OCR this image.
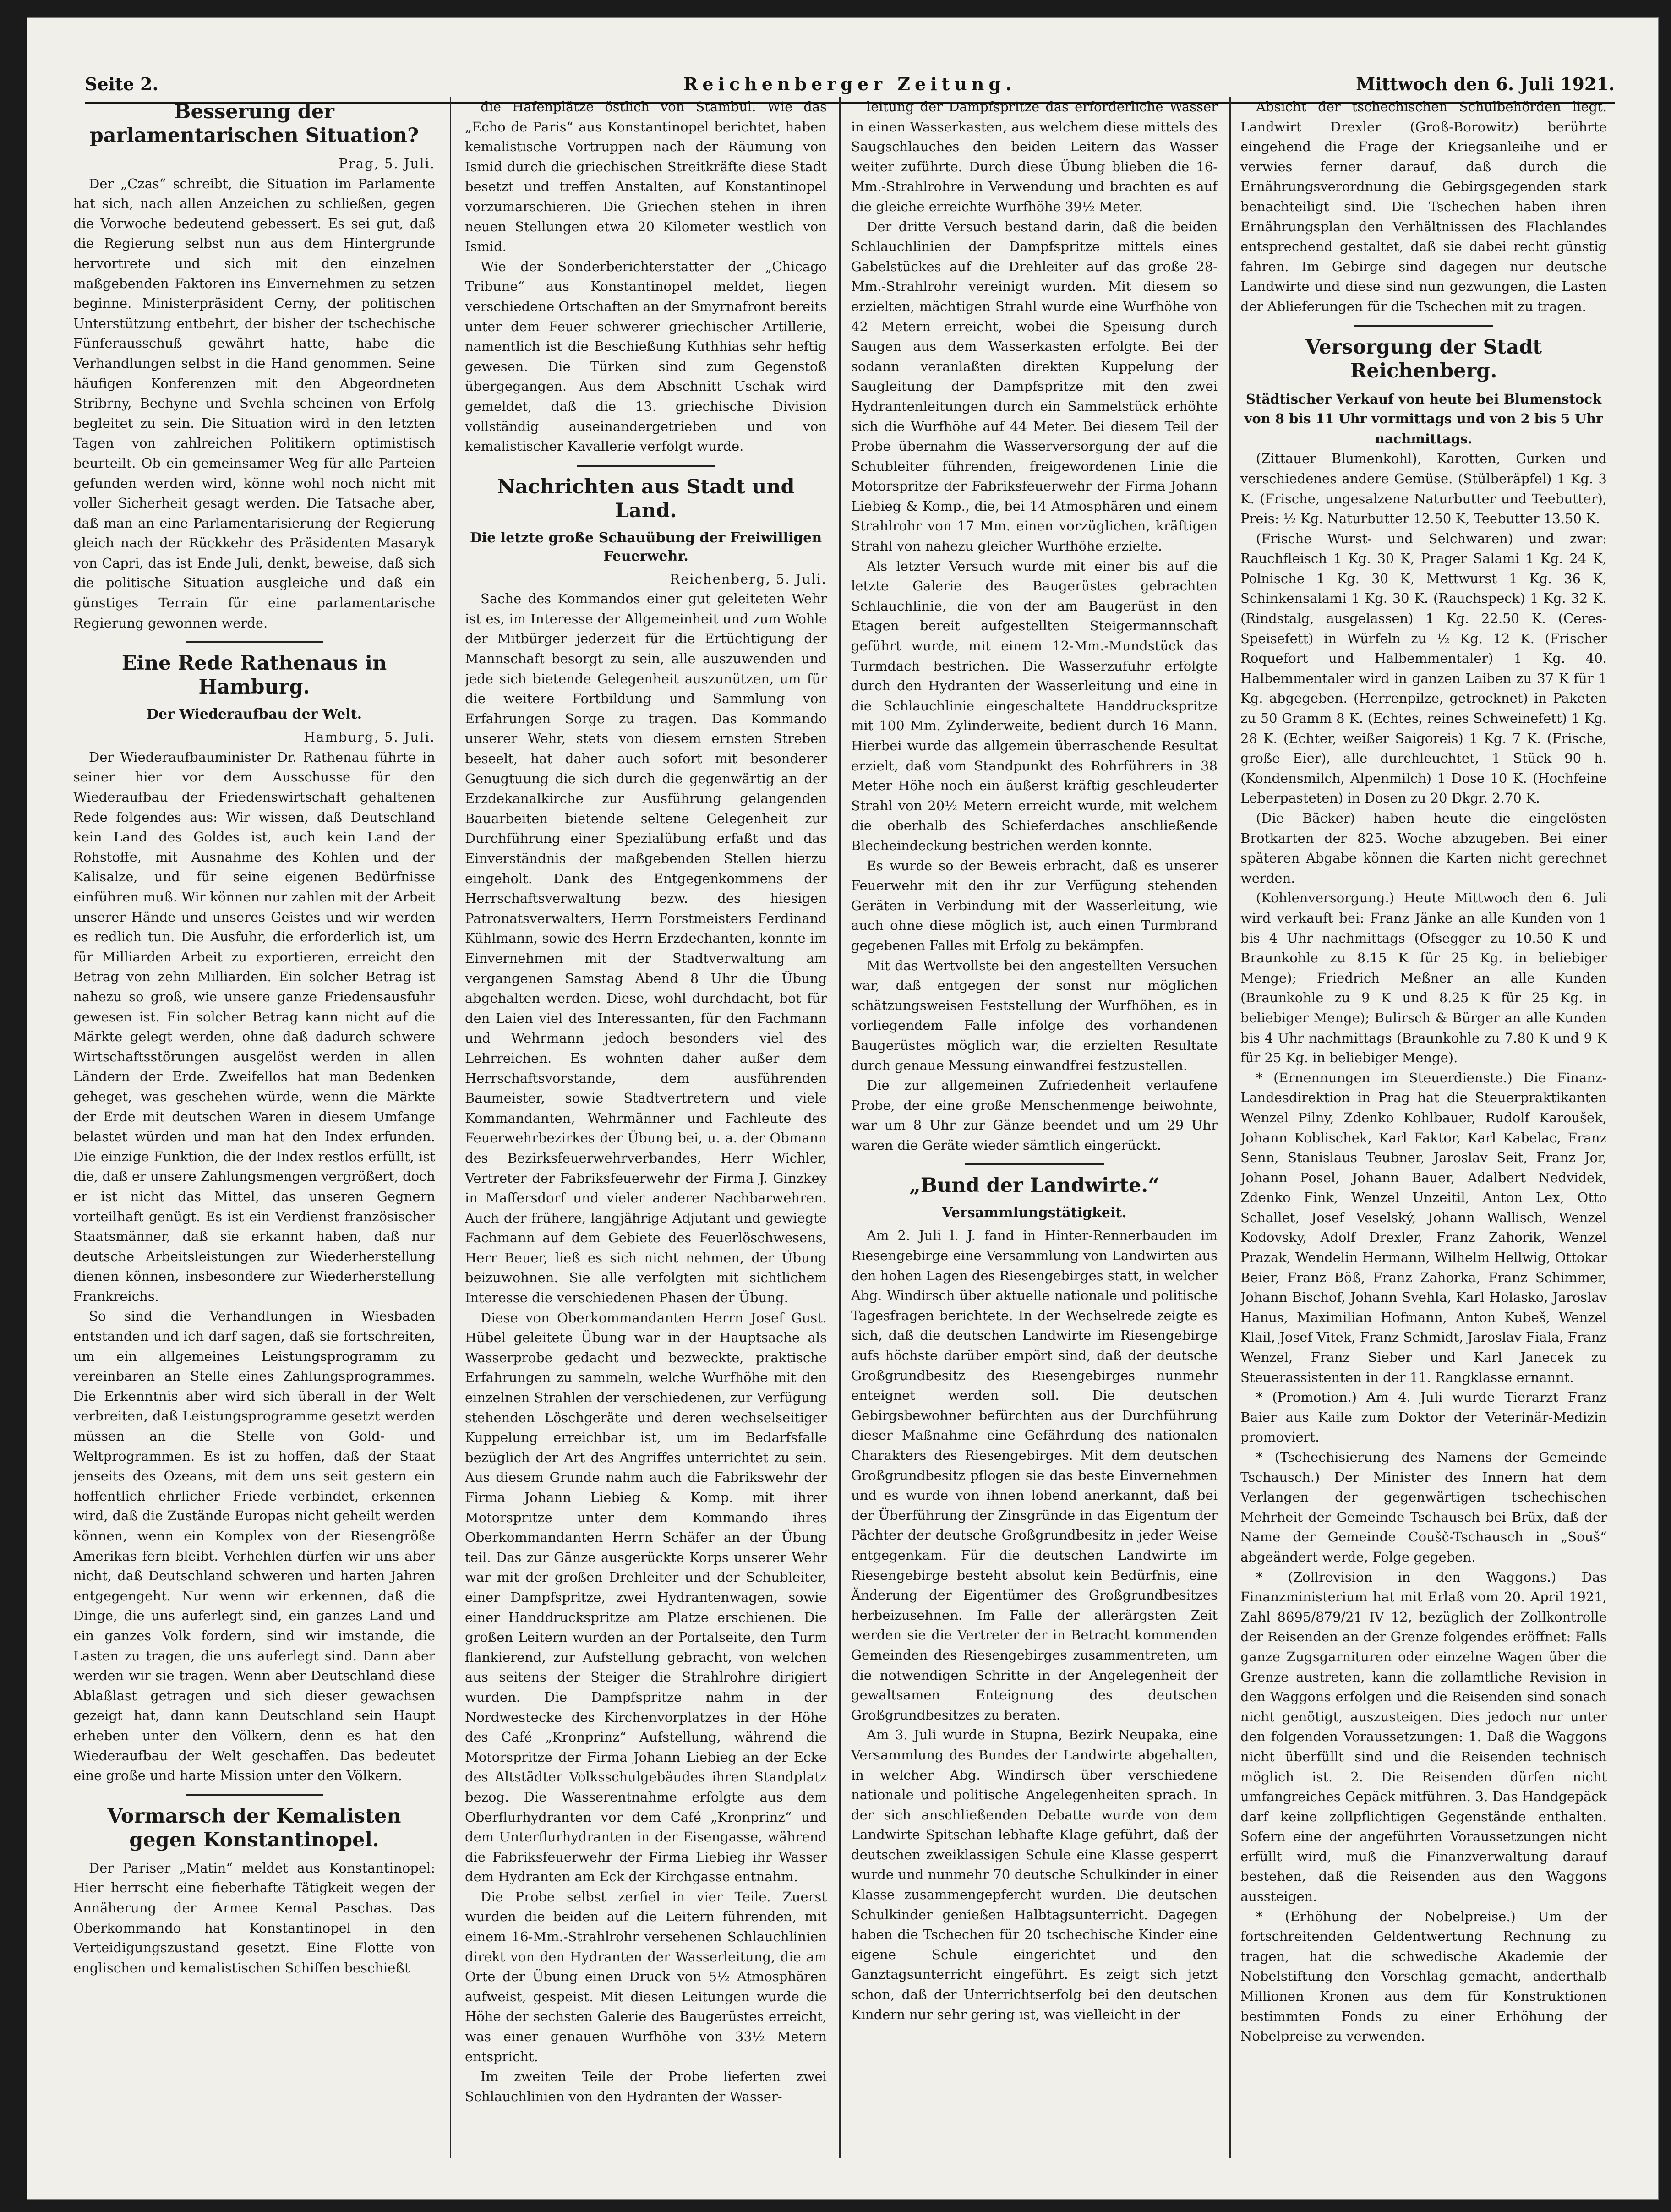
Seite 2.	Reichenberger Zeitung.	Mittwoch den 6. Juli 1921.
Besserung der parlamentarischen Situation?

Prag, 5. Juli.

Der „Czas“ schreibt, die Situation im Parlamente hat sich, nach allen Anzeichen zu schließen, gegen die Vorwoche bedeutend gebessert. Es sei gut, daß die Regierung selbst nun aus dem Hintergrunde hervortrete und sich mit den einzelnen maßgebenden Faktoren ins Einvernehmen zu setzen beginne. Ministerpräsident Cerny, der politischen Unterstützung entbehrt, der bisher der tschechische Fünferausschuß gewährt hatte, habe die Verhandlungen selbst in die Hand genommen. Seine häufigen Konferenzen mit den Abgeordneten Stribrny, Bechyne und Svehla scheinen von Erfolg begleitet zu sein. Die Situation wird in den letzten Tagen von zahlreichen Politikern optimistisch beurteilt. Ob ein gemeinsamer Weg für alle Parteien gefunden werden wird, könne wohl noch nicht mit voller Sicherheit gesagt werden. Die Tatsache aber, daß man an eine Parlamentarisierung der Regierung gleich nach der Rückkehr des Präsidenten Masaryk von Capri, das ist Ende Juli, denkt, beweise, daß sich die politische Situation ausgleiche und daß ein günstiges Terrain für eine parlamentarische Regierung gewonnen werde.

Eine Rede Rathenaus in Hamburg.
Der Wiederaufbau der Welt.

Hamburg, 5. Juli.

Der Wiederaufbauminister Dr. Rathenau führte in seiner hier vor dem Ausschusse für den Wiederaufbau der Friedenswirtschaft gehaltenen Rede folgendes aus: Wir wissen, daß Deutschland kein Land des Goldes ist, auch kein Land der Rohstoffe, mit Ausnahme des Kohlen und der Kalisalze, und für seine eigenen Bedürfnisse einführen muß. Wir können nur zahlen mit der Arbeit unserer Hände und unseres Geistes und wir werden es redlich tun. Die Ausfuhr, die erforderlich ist, um für Milliarden Arbeit zu exportieren, erreicht den Betrag von zehn Milliarden. Ein solcher Betrag ist nahezu so groß, wie unsere ganze Friedensausfuhr gewesen ist. Ein solcher Betrag kann nicht auf die Märkte gelegt werden, ohne daß dadurch schwere Wirtschaftsstörungen ausgelöst werden in allen Ländern der Erde. Zweifellos hat man Bedenken geheget, was geschehen würde, wenn die Märkte der Erde mit deutschen Waren in diesem Umfange belastet würden und man hat den Index erfunden. Die einzige Funktion, die der Index restlos erfüllt, ist die, daß er unsere Zahlungsmengen vergrößert, doch er ist nicht das Mittel, das unseren Gegnern vorteilhaft genügt. Es ist ein Verdienst französischer Staatsmänner, daß sie erkannt haben, daß nur deutsche Arbeitsleistungen zur Wiederherstellung dienen können, insbesondere zur Wiederherstellung Frankreichs.

So sind die Verhandlungen in Wiesbaden entstanden und ich darf sagen, daß sie fortschreiten, um ein allgemeines Leistungsprogramm zu vereinbaren an Stelle eines Zahlungsprogrammes. Die Erkenntnis aber wird sich überall in der Welt verbreiten, daß Leistungsprogramme gesetzt werden müssen an die Stelle von Gold- und Weltprogrammen. Es ist zu hoffen, daß der Staat jenseits des Ozeans, mit dem uns seit gestern ein hoffentlich ehrlicher Friede verbindet, erkennen wird, daß die Zustände Europas nicht geheilt werden können, wenn ein Komplex von der Riesengröße Amerikas fern bleibt. Verhehlen dürfen wir uns aber nicht, daß Deutschland schweren und harten Jahren entgegengeht. Nur wenn wir erkennen, daß die Dinge, die uns auferlegt sind, ein ganzes Land und ein ganzes Volk fordern, sind wir imstande, die Lasten zu tragen, die uns auferlegt sind. Dann aber werden wir sie tragen. Wenn aber Deutschland diese Ablaßlast getragen und sich dieser gewachsen gezeigt hat, dann kann Deutschland sein Haupt erheben unter den Völkern, denn es hat den Wiederaufbau der Welt geschaffen. Das bedeutet eine große und harte Mission unter den Völkern.

Vormarsch der Kemalisten gegen Konstantinopel.

Der Pariser „Matin“ meldet aus Konstantinopel: Hier herrscht eine fieberhafte Tätigkeit wegen der Annäherung der Armee Kemal Paschas. Das Oberkommando hat Konstantinopel in den Verteidigungszustand gesetzt. Eine Flotte von englischen und kemalistischen Schiffen beschießt

die Hafenplätze östlich von Stambul. Wie das „Echo de Paris“ aus Konstantinopel berichtet, haben kemalistische Vortruppen nach der Räumung von Ismid durch die griechischen Streitkräfte diese Stadt besetzt und treffen Anstalten, auf Konstantinopel vorzumarschieren. Die Griechen stehen in ihren neuen Stellungen etwa 20 Kilometer westlich von Ismid.

Wie der Sonderberichterstatter der „Chicago Tribune“ aus Konstantinopel meldet, liegen verschiedene Ortschaften an der Smyrnafront bereits unter dem Feuer schwerer griechischer Artillerie, namentlich ist die Beschießung Kuthhias sehr heftig gewesen. Die Türken sind zum Gegenstoß übergegangen. Aus dem Abschnitt Uschak wird gemeldet, daß die 13. griechische Division vollständig auseinandergetrieben und von kemalistischer Kavallerie verfolgt wurde.

Nachrichten aus Stadt und Land.
Die letzte große Schauübung der Freiwilligen Feuerwehr.

Reichenberg, 5. Juli.

Sache des Kommandos einer gut geleiteten Wehr ist es, im Interesse der Allgemeinheit und zum Wohle der Mitbürger jederzeit für die Ertüchtigung der Mannschaft besorgt zu sein, alle auszuwenden und jede sich bietende Gelegenheit auszunützen, um für die weitere Fortbildung und Sammlung von Erfahrungen Sorge zu tragen. Das Kommando unserer Wehr, stets von diesem ernsten Streben beseelt, hat daher auch sofort mit besonderer Genugtuung die sich durch die gegenwärtig an der Erzdekanalkirche zur Ausführung gelangenden Bauarbeiten bietende seltene Gelegenheit zur Durchführung einer Spezialübung erfaßt und das Einverständnis der maßgebenden Stellen hierzu eingeholt. Dank des Entgegenkommens der Herrschaftsverwaltung bezw. des hiesigen Patronatsverwalters, Herrn Forstmeisters Ferdinand Kühlmann, sowie des Herrn Erzdechanten, konnte im Einvernehmen mit der Stadtverwaltung am vergangenen Samstag Abend 8 Uhr die Übung abgehalten werden. Diese, wohl durchdacht, bot für den Laien viel des Interessanten, für den Fachmann und Wehrmann jedoch besonders viel des Lehrreichen. Es wohnten daher außer dem Herrschaftsvorstande, dem ausführenden Baumeister, sowie Stadtvertretern und viele Kommandanten, Wehrmänner und Fachleute des Feuerwehrbezirkes der Übung bei, u. a. der Obmann des Bezirksfeuerwehrverbandes, Herr Wichler, Vertreter der Fabriksfeuerwehr der Firma J. Ginzkey in Maffersdorf und vieler anderer Nachbarwehren. Auch der frühere, langjährige Adjutant und gewiegte Fachmann auf dem Gebiete des Feuerlöschwesens, Herr Beuer, ließ es sich nicht nehmen, der Übung beizuwohnen. Sie alle verfolgten mit sichtlichem Interesse die verschiedenen Phasen der Übung.

Diese von Oberkommandanten Herrn Josef Gust. Hübel geleitete Übung war in der Hauptsache als Wasserprobe gedacht und bezweckte, praktische Erfahrungen zu sammeln, welche Wurfhöhe mit den einzelnen Strahlen der verschiedenen, zur Verfügung stehenden Löschgeräte und deren wechselseitiger Kuppelung erreichbar ist, um im Bedarfsfalle bezüglich der Art des Angriffes unterrichtet zu sein. Aus diesem Grunde nahm auch die Fabrikswehr der Firma Johann Liebieg & Komp. mit ihrer Motorspritze unter dem Kommando ihres Oberkommandanten Herrn Schäfer an der Übung teil. Das zur Gänze ausgerückte Korps unserer Wehr war mit der großen Drehleiter und der Schubleiter, einer Dampfspritze, zwei Hydrantenwagen, sowie einer Handdruckspritze am Platze erschienen. Die großen Leitern wurden an der Portalseite, den Turm flankierend, zur Aufstellung gebracht, von welchen aus seitens der Steiger die Strahlrohre dirigiert wurden. Die Dampfspritze nahm in der Nordwestecke des Kirchenvorplatzes in der Höhe des Café „Kronprinz“ Aufstellung, während die Motorspritze der Firma Johann Liebieg an der Ecke des Altstädter Volksschulgebäudes ihren Standplatz bezog. Die Wasserentnahme erfolgte aus dem Oberflurhydranten vor dem Café „Kronprinz“ und dem Unterflurhydranten in der Eisengasse, während die Fabriksfeuerwehr der Firma Liebieg ihr Wasser dem Hydranten am Eck der Kirchgasse entnahm.

Die Probe selbst zerfiel in vier Teile. Zuerst wurden die beiden auf die Leitern führenden, mit einem 16-Mm.-Strahlrohr versehenen Schlauchlinien direkt von den Hydranten der Wasserleitung, die am Orte der Übung einen Druck von 5½ Atmosphären aufweist, gespeist. Mit diesen Leitungen wurde die Höhe der sechsten Galerie des Baugerüstes erreicht, was einer genauen Wurfhöhe von 33½ Metern entspricht.

Im zweiten Teile der Probe lieferten zwei Schlauchlinien von den Hydranten der Wasser-

leitung der Dampfspritze das erforderliche Wasser in einen Wasserkasten, aus welchem diese mittels des Saugschlauches den beiden Leitern das Wasser weiter zuführte. Durch diese Übung blieben die 16-Mm.-Strahlrohre in Verwendung und brachten es auf die gleiche erreichte Wurfhöhe 39½ Meter.

Der dritte Versuch bestand darin, daß die beiden Schlauchlinien der Dampfspritze mittels eines Gabelstückes auf die Drehleiter auf das große 28-Mm.-Strahlrohr vereinigt wurden. Mit diesem so erzielten, mächtigen Strahl wurde eine Wurfhöhe von 42 Metern erreicht, wobei die Speisung durch Saugen aus dem Wasserkasten erfolgte. Bei der sodann veranlaßten direkten Kuppelung der Saugleitung der Dampfspritze mit den zwei Hydrantenleitungen durch ein Sammelstück erhöhte sich die Wurfhöhe auf 44 Meter. Bei diesem Teil der Probe übernahm die Wasserversorgung der auf die Schubleiter führenden, freigewordenen Linie die Motorspritze der Fabriksfeuerwehr der Firma Johann Liebieg & Komp., die, bei 14 Atmosphären und einem Strahlrohr von 17 Mm. einen vorzüglichen, kräftigen Strahl von nahezu gleicher Wurfhöhe erzielte.

Als letzter Versuch wurde mit einer bis auf die letzte Galerie des Baugerüstes gebrachten Schlauchlinie, die von der am Baugerüst in den Etagen bereit aufgestellten Steigermannschaft geführt wurde, mit einem 12-Mm.-Mundstück das Turmdach bestrichen. Die Wasserzufuhr erfolgte durch den Hydranten der Wasserleitung und eine in die Schlauchlinie eingeschaltete Handdruckspritze mit 100 Mm. Zylinderweite, bedient durch 16 Mann. Hierbei wurde das allgemein überraschende Resultat erzielt, daß vom Standpunkt des Rohrführers in 38 Meter Höhe noch ein äußerst kräftig geschleuderter Strahl von 20½ Metern erreicht wurde, mit welchem die oberhalb des Schieferdaches anschließende Blecheindeckung bestrichen werden konnte.

Es wurde so der Beweis erbracht, daß es unserer Feuerwehr mit den ihr zur Verfügung stehenden Geräten in Verbindung mit der Wasserleitung, wie auch ohne diese möglich ist, auch einen Turmbrand gegebenen Falles mit Erfolg zu bekämpfen.

Mit das Wertvollste bei den angestellten Versuchen war, daß entgegen der sonst nur möglichen schätzungsweisen Feststellung der Wurfhöhen, es in vorliegendem Falle infolge des vorhandenen Baugerüstes möglich war, die erzielten Resultate durch genaue Messung einwandfrei festzustellen.

Die zur allgemeinen Zufriedenheit verlaufene Probe, der eine große Menschenmenge beiwohnte, war um 8 Uhr zur Gänze beendet und um 29 Uhr waren die Geräte wieder sämtlich eingerückt.

„Bund der Landwirte.“
Versammlungstätigkeit.

Am 2. Juli l. J. fand in Hinter-Rennerbauden im Riesengebirge eine Versammlung von Landwirten aus den hohen Lagen des Riesengebirges statt, in welcher Abg. Windirsch über aktuelle nationale und politische Tagesfragen berichtete. In der Wechselrede zeigte es sich, daß die deutschen Landwirte im Riesengebirge aufs höchste darüber empört sind, daß der deutsche Großgrundbesitz des Riesengebirges nunmehr enteignet werden soll. Die deutschen Gebirgsbewohner befürchten aus der Durchführung dieser Maßnahme eine Gefährdung des nationalen Charakters des Riesengebirges. Mit dem deutschen Großgrundbesitz pflogen sie das beste Einvernehmen und es wurde von ihnen lobend anerkannt, daß bei der Überführung der Zinsgründe in das Eigentum der Pächter der deutsche Großgrundbesitz in jeder Weise entgegenkam. Für die deutschen Landwirte im Riesengebirge besteht absolut kein Bedürfnis, eine Änderung der Eigentümer des Großgrundbesitzes herbeizusehnen. Im Falle der allerärgsten Zeit werden sie die Vertreter der in Betracht kommenden Gemeinden des Riesengebirges zusammentreten, um die notwendigen Schritte in der Angelegenheit der gewaltsamen Enteignung des deutschen Großgrundbesitzes zu beraten.

Am 3. Juli wurde in Stupna, Bezirk Neupaka, eine Versammlung des Bundes der Landwirte abgehalten, in welcher Abg. Windirsch über verschiedene nationale und politische Angelegenheiten sprach. In der sich anschließenden Debatte wurde von dem Landwirte Spitschan lebhafte Klage geführt, daß der deutschen zweiklassigen Schule eine Klasse gesperrt wurde und nunmehr 70 deutsche Schulkinder in einer Klasse zusammengepfercht wurden. Die deutschen Schulkinder genießen Halbtagsunterricht. Dagegen haben die Tschechen für 20 tschechische Kinder eine eigene Schule eingerichtet und den Ganztagsunterricht eingeführt. Es zeigt sich jetzt schon, daß der Unterrichtserfolg bei den deutschen Kindern nur sehr gering ist, was vielleicht in der

Absicht der tschechischen Schulbehörden liegt. Landwirt Drexler (Groß-Borowitz) berührte eingehend die Frage der Kriegsanleihe und er verwies ferner darauf, daß durch die Ernährungsverordnung die Gebirgsgegenden stark benachteiligt sind. Die Tschechen haben ihren Ernährungsplan den Verhältnissen des Flachlandes entsprechend gestaltet, daß sie dabei recht günstig fahren. Im Gebirge sind dagegen nur deutsche Landwirte und diese sind nun gezwungen, die Lasten der Ablieferungen für die Tschechen mit zu tragen.

Versorgung der Stadt Reichenberg.

Städtischer Verkauf von heute bei Blumenstock von 8 bis 11 Uhr vormittags und von 2 bis 5 Uhr nachmittags.

(Zittauer Blumenkohl), Karotten, Gurken und verschiedenes andere Gemüse. (Stülberäpfel) 1 Kg. 3 K. (Frische, ungesalzene Naturbutter und Teebutter), Preis: ½ Kg. Naturbutter 12.50 K, Teebutter 13.50 K.

(Frische Wurst- und Selchwaren) und zwar: Rauchfleisch 1 Kg. 30 K, Prager Salami 1 Kg. 24 K, Polnische 1 Kg. 30 K, Mettwurst 1 Kg. 36 K, Schinkensalami 1 Kg. 30 K. (Rauchspeck) 1 Kg. 32 K. (Rindstalg, ausgelassen) 1 Kg. 22.50 K. (Ceres-Speisefett) in Würfeln zu ½ Kg. 12 K. (Frischer Roquefort und Halbemmentaler) 1 Kg. 40. Halbemmentaler wird in ganzen Laiben zu 37 K für 1 Kg. abgegeben. (Herrenpilze, getrocknet) in Paketen zu 50 Gramm 8 K. (Echtes, reines Schweinefett) 1 Kg. 28 K. (Echter, weißer Saigoreis) 1 Kg. 7 K. (Frische, große Eier), alle durchleuchtet, 1 Stück 90 h. (Kondensmilch, Alpenmilch) 1 Dose 10 K. (Hochfeine Leberpasteten) in Dosen zu 20 Dkgr. 2.70 K.

(Die Bäcker) haben heute die eingelösten Brotkarten der 825. Woche abzugeben. Bei einer späteren Abgabe können die Karten nicht gerechnet werden.

(Kohlenversorgung.) Heute Mittwoch den 6. Juli wird verkauft bei: Franz Jänke an alle Kunden von 1 bis 4 Uhr nachmittags (Ofsegger zu 10.50 K und Braunkohle zu 8.15 K für 25 Kg. in beliebiger Menge); Friedrich Meßner an alle Kunden (Braunkohle zu 9 K und 8.25 K für 25 Kg. in beliebiger Menge); Bulirsch & Bürger an alle Kunden bis 4 Uhr nachmittags (Braunkohle zu 7.80 K und 9 K für 25 Kg. in beliebiger Menge).

* (Ernennungen im Steuerdienste.) Die Finanz-Landesdirektion in Prag hat die Steuerpraktikanten Wenzel Pilny, Zdenko Kohlbauer, Rudolf Karoušek, Johann Koblischek, Karl Faktor, Karl Kabelac, Franz Senn, Stanislaus Teubner, Jaroslav Seit, Franz Jor, Johann Posel, Johann Bauer, Adalbert Nedvidek, Zdenko Fink, Wenzel Unzeitil, Anton Lex, Otto Schallet, Josef Veselský, Johann Wallisch, Wenzel Kodovsky, Adolf Drexler, Franz Zahorik, Wenzel Prazak, Wendelin Hermann, Wilhelm Hellwig, Ottokar Beier, Franz Böß, Franz Zahorka, Franz Schimmer, Johann Bischof, Johann Svehla, Karl Holasko, Jaroslav Hanus, Maximilian Hofmann, Anton Kubeš, Wenzel Klail, Josef Vitek, Franz Schmidt, Jaroslav Fiala, Franz Wenzel, Franz Sieber und Karl Janecek zu Steuerassistenten in der 11. Rangklasse ernannt.

* (Promotion.) Am 4. Juli wurde Tierarzt Franz Baier aus Kaile zum Doktor der Veterinär-Medizin promoviert.

* (Tschechisierung des Namens der Gemeinde Tschausch.) Der Minister des Innern hat dem Verlangen der gegenwärtigen tschechischen Mehrheit der Gemeinde Tschausch bei Brüx, daß der Name der Gemeinde Coušč-Tschausch in „Souš“ abgeändert werde, Folge gegeben.

* (Zollrevision in den Waggons.) Das Finanzministerium hat mit Erlaß vom 20. April 1921, Zahl 8695/879/21 IV 12, bezüglich der Zollkontrolle der Reisenden an der Grenze folgendes eröffnet: Falls ganze Zugsgarnituren oder einzelne Wagen über die Grenze austreten, kann die zollamtliche Revision in den Waggons erfolgen und die Reisenden sind sonach nicht genötigt, auszusteigen. Dies jedoch nur unter den folgenden Voraussetzungen: 1. Daß die Waggons nicht überfüllt sind und die Reisenden technisch möglich ist. 2. Die Reisenden dürfen nicht umfangreiches Gepäck mitführen. 3. Das Handgepäck darf keine zollpflichtigen Gegenstände enthalten. Sofern eine der angeführten Voraussetzungen nicht erfüllt wird, muß die Finanzverwaltung darauf bestehen, daß die Reisenden aus den Waggons aussteigen.

* (Erhöhung der Nobelpreise.) Um der fortschreitenden Geldentwertung Rechnung zu tragen, hat die schwedische Akademie der Nobelstiftung den Vorschlag gemacht, anderthalb Millionen Kronen aus dem für Konstruktionen bestimmten Fonds zu einer Erhöhung der Nobelpreise zu verwenden.
